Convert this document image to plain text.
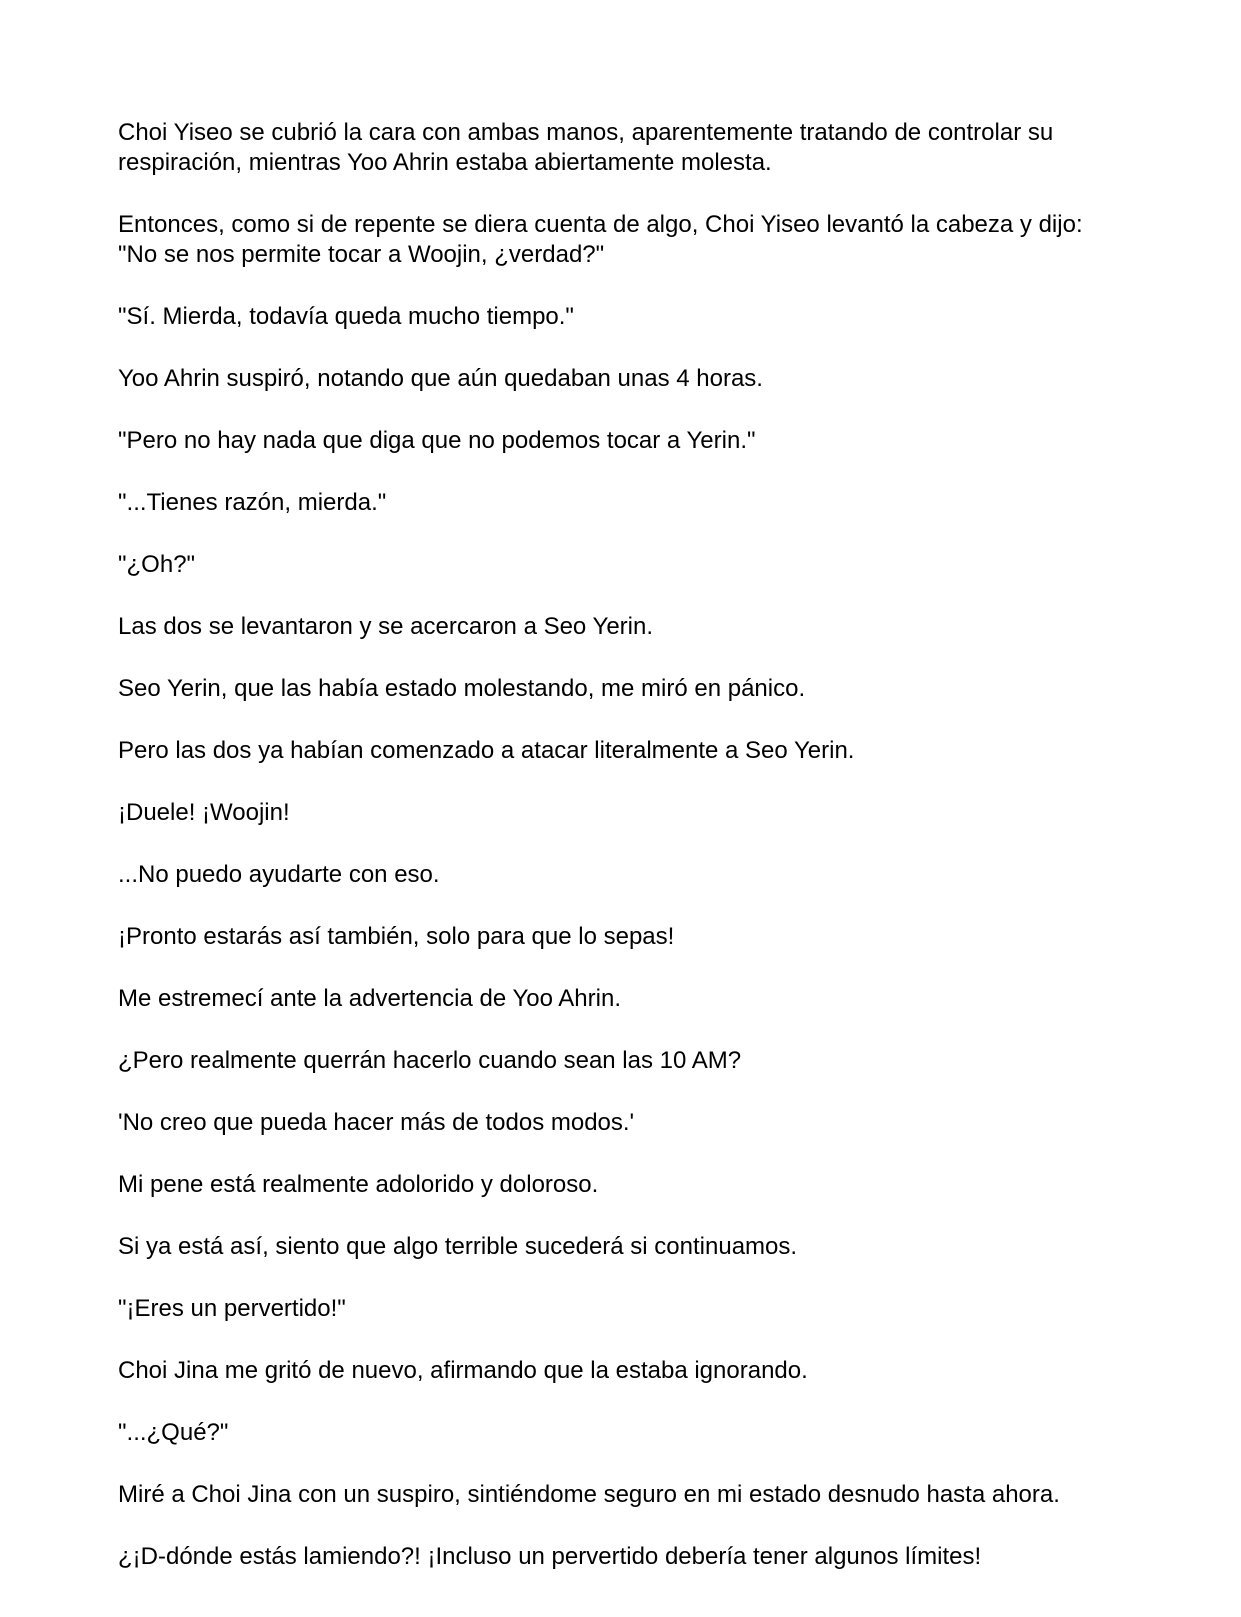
Choi Yiseo se cubrió la cara con ambas manos, aparentemente tratando de controlar su respiración, mientras Yoo Ahrin estaba abiertamente molesta.

Entonces, como si de repente se diera cuenta de algo, Choi Yiseo levantó la cabeza y dijo: "No se nos permite tocar a Woojin, ¿verdad?"

"Sí. Mierda, todavía queda mucho tiempo."

Yoo Ahrin suspiró, notando que aún quedaban unas 4 horas.

"Pero no hay nada que diga que no podemos tocar a Yerin."

"...Tienes razón, mierda."

"¿Oh?"

Las dos se levantaron y se acercaron a Seo Yerin.

Seo Yerin, que las había estado molestando, me miró en pánico.

Pero las dos ya habían comenzado a atacar literalmente a Seo Yerin.

¡Duele! ¡Woojin!

...No puedo ayudarte con eso.

¡Pronto estarás así también, solo para que lo sepas!

Me estremecí ante la advertencia de Yoo Ahrin.

¿Pero realmente querrán hacerlo cuando sean las 10 AM?

'No creo que pueda hacer más de todos modos.'

Mi pene está realmente adolorido y doloroso.

Si ya está así, siento que algo terrible sucederá si continuamos.

"¡Eres un pervertido!"

Choi Jina me gritó de nuevo, afirmando que la estaba ignorando.

"...¿Qué?"

Miré a Choi Jina con un suspiro, sintiéndome seguro en mi estado desnudo hasta ahora.

¿¡D-dónde estás lamiendo?! ¡Incluso un pervertido debería tener algunos límites!
